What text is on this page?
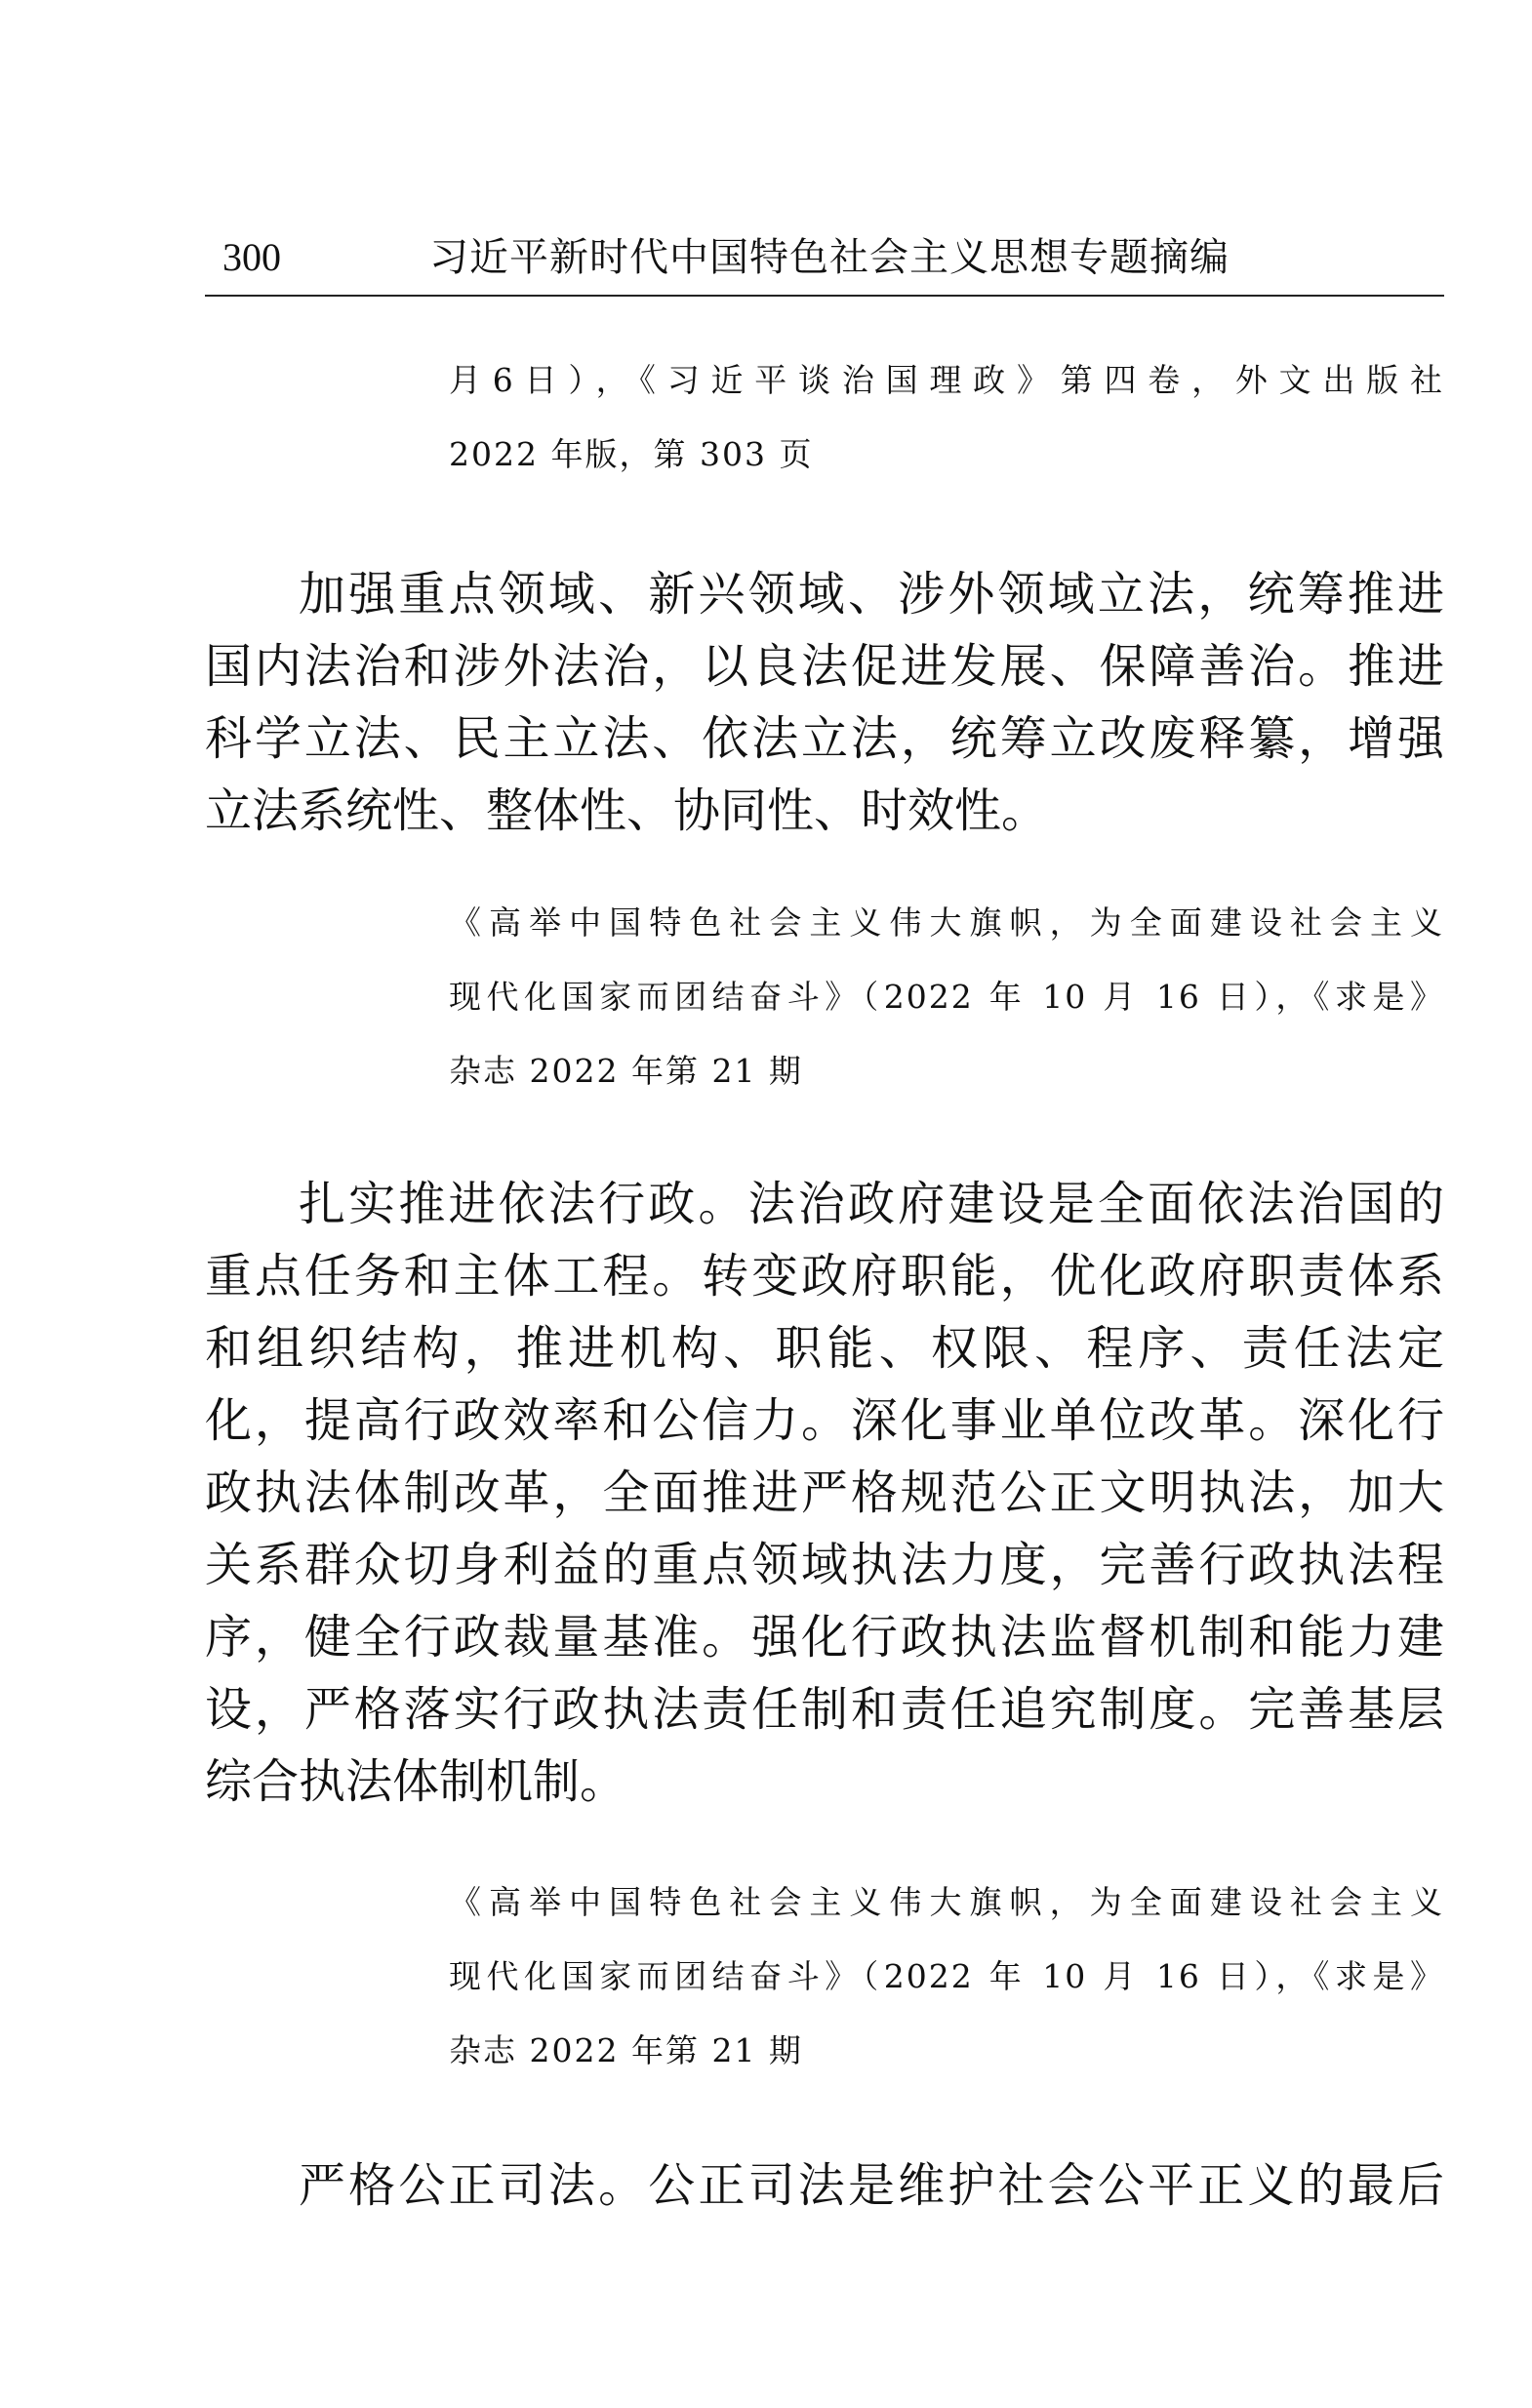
300	习近平新时代中国特色社会主义思想专题摘编
月6日），《习近平谈治国理政》第四卷，外文出版社
2022 年版，第 303 页
加强重点领域、新兴领域、涉外领域立法，统筹推进
国内法治和涉外法治，以良法促进发展、保障善治。推进
科学立法、民主立法、依法立法，统筹立改废释纂，增强
立法系统性、整体性、协同性、时效性。
《高举中国特色社会主义伟大旗帜，为全面建设社会主义
现代化国家而团结奋斗》（2022 年 10 月 16 日），《求是》
杂志 2022 年第 21 期
扎实推进依法行政。法治政府建设是全面依法治国的
重点任务和主体工程。转变政府职能，优化政府职责体系
和组织结构，推进机构、职能、权限、程序、责任法定
化，提高行政效率和公信力。深化事业单位改革。深化行
政执法体制改革，全面推进严格规范公正文明执法，加大
关系群众切身利益的重点领域执法力度，完善行政执法程
序，健全行政裁量基准。强化行政执法监督机制和能力建
设，严格落实行政执法责任制和责任追究制度。完善基层
综合执法体制机制。
《高举中国特色社会主义伟大旗帜，为全面建设社会主义
现代化国家而团结奋斗》（2022 年 10 月 16 日），《求是》
杂志 2022 年第 21 期
严格公正司法。公正司法是维护社会公平正义的最后
